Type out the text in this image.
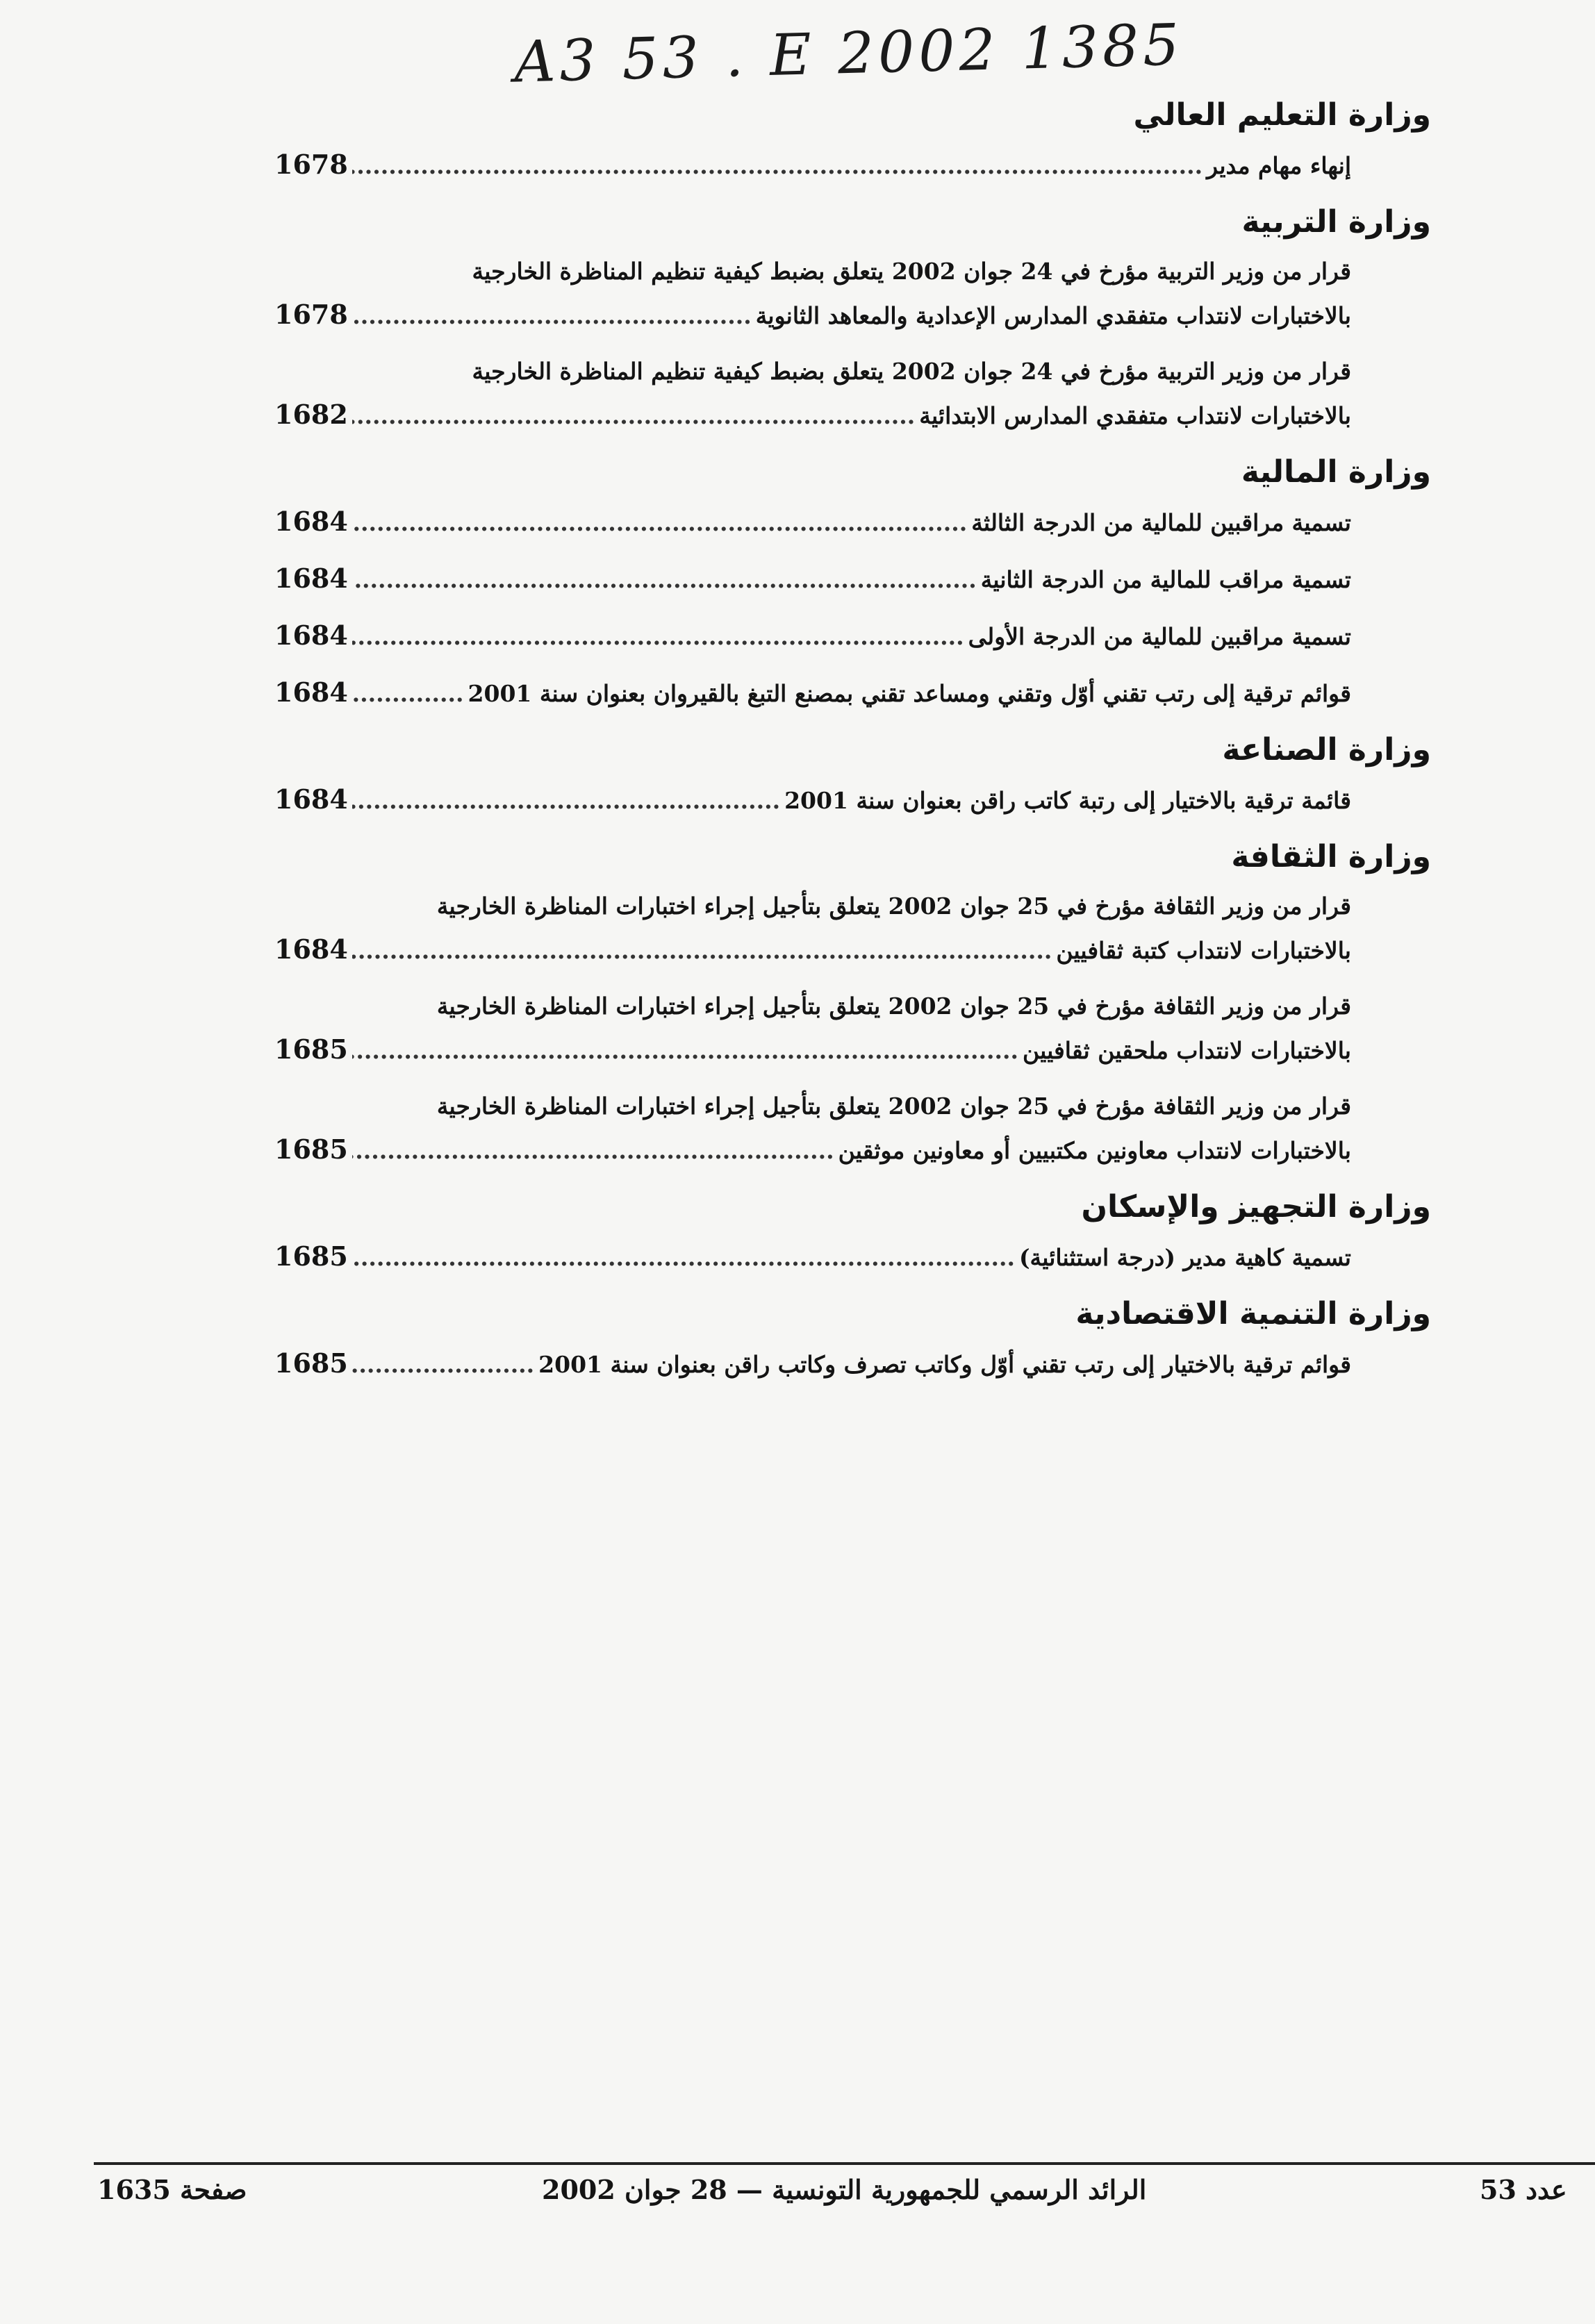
A3 53 . E 2002 1385
وزارة التعليم العالي
إنهاء مهام مدير
.....
1678
وزارة التربية
قرار من وزير التربية مؤرخ في 24 جوان 2002 يتعلق بضبط كيفية تنظيم المناظرة الخارجية
بالاختبارات لانتداب متفقدي المدارس الإعدادية والمعاهد الثانوية
.....
1678
قرار من وزير التربية مؤرخ في 24 جوان 2002 يتعلق بضبط كيفية تنظيم المناظرة الخارجية
بالاختبارات لانتداب متفقدي المدارس الابتدائية
.....
1682
وزارة المالية
تسمية مراقبين للمالية من الدرجة الثالثة
.....
1684
تسمية مراقب للمالية من الدرجة الثانية
.....
1684
تسمية مراقبين للمالية من الدرجة الأولى
.....
1684
قوائم ترقية إلى رتب تقني أوّل وتقني ومساعد تقني بمصنع التبغ بالقيروان بعنوان سنة 2001
.....
1684
وزارة الصناعة
قائمة ترقية بالاختيار إلى رتبة كاتب راقن بعنوان سنة 2001
.....
1684
وزارة الثقافة
قرار من وزير الثقافة مؤرخ في 25 جوان 2002 يتعلق بتأجيل إجراء اختبارات المناظرة الخارجية
بالاختبارات لانتداب كتبة ثقافيين
.....
1684
قرار من وزير الثقافة مؤرخ في 25 جوان 2002 يتعلق بتأجيل إجراء اختبارات المناظرة الخارجية
بالاختبارات لانتداب ملحقين ثقافيين
.....
1685
قرار من وزير الثقافة مؤرخ في 25 جوان 2002 يتعلق بتأجيل إجراء اختبارات المناظرة الخارجية
بالاختبارات لانتداب معاونين مكتبيين أو معاونين موثقين
.....
1685
وزارة التجهيز والإسكان
تسمية كاهية مدير (درجة استثنائية)
.....
1685
وزارة التنمية الاقتصادية
قوائم ترقية بالاختيار إلى رتب تقني أوّل وكاتب تصرف وكاتب راقن بعنوان سنة 2001
.....
1685
صفحة 1635	الرائد الرسمي للجمهورية التونسية — 28 جوان 2002	عدد 53
